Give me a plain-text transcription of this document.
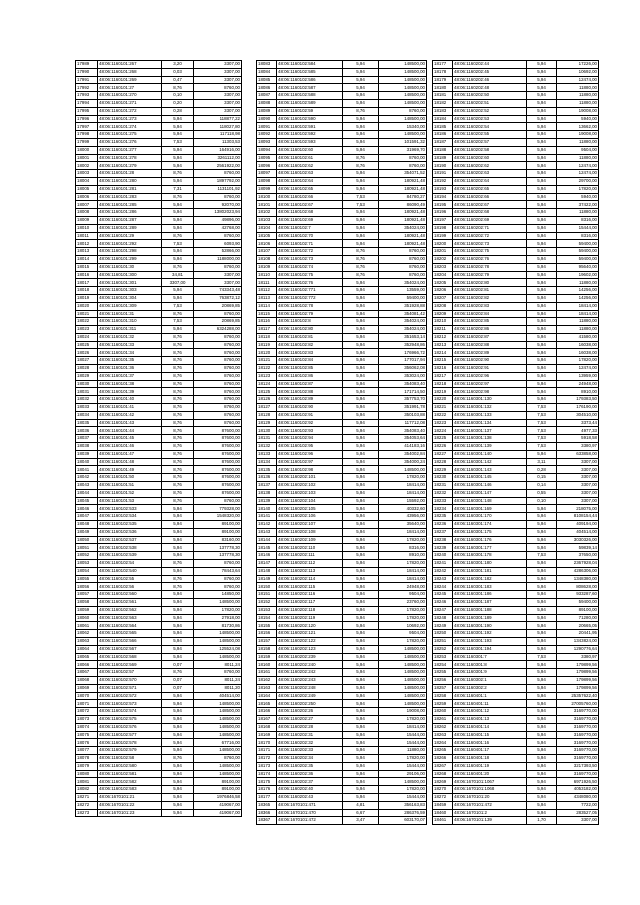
17989	48:06:1160101:267	3,20	3307,00
17990	48:06:1160101:268	0,03	3307,00
17991	48:06:1160101:269	0,47	3307,00
17992	48:06:1160101:27	8,76	8760,00
17993	48:06:1160101:270	0,10	3307,00
17994	48:06:1160101:271	0,20	3307,00
17995	48:06:1160101:272	0,28	3307,00
17996	48:06:1160101:273	5,94	118877,22
17997	48:06:1160101:274	5,94	118027,80
17998	48:06:1160101:275	5,94	117118,98
17999	48:06:1160101:276	7,53	11303,53
18000	48:06:1160101:277	5,94	164916,00
18001	48:06:1160101:278	5,94	3261112,00
18002	48:06:1160101:279	5,94	2561922,00
18003	48:06:1160101:28	8,76	8760,00
18004	48:06:1160101:280	5,94	1897792,00
18005	48:06:1160101:281	7,31	1131101,92
18006	48:06:1160101:283	8,76	8760,00
18007	48:06:1160101:285	5,94	92070,00
18008	48:06:1160101:286	5,94	13802023,94
18009	48:06:1160101:287	5,94	49896,00
18010	48:06:1160101:289	5,94	42768,00
18011	48:06:1160101:29	8,76	8760,00
18012	48:06:1160101:292	7,53	6093,90
18013	48:06:1160101:298	5,94	52866,00
18014	48:06:1160101:299	5,94	1188000,00
18015	48:06:1160101:30	8,76	8760,00
18016	48:06:1160101:300	34,81	3307,00
18017	48:06:1160101:301	3307,00	3307,00
18018	48:06:1160101:303	5,94	743343,48
18019	48:06:1160101:304	5,94	763872,12
18020	48:06:1160101:309	7,53	20869,85
18021	48:06:1160101:31	8,76	8760,00
18022	48:06:1160101:310	7,53	20869,85
18023	48:06:1160101:311	5,94	6324288,00
18024	48:06:1160101:32	8,76	8760,00
18025	48:06:1160101:33	8,76	8760,00
18026	48:06:1160101:34	8,76	8760,00
18027	48:06:1160101:35	8,76	8760,00
18028	48:06:1160101:36	8,76	8760,00
18029	48:06:1160101:37	8,76	8760,00
18030	48:06:1160101:38	8,76	8760,00
18031	48:06:1160101:39	8,76	8760,00
18032	48:06:1160101:40	8,76	8760,00
18033	48:06:1160101:41	8,76	8760,00
18034	48:06:1160101:42	8,76	8760,00
18035	48:06:1160101:43	8,76	8760,00
18036	48:06:1160101:44	8,76	87600,00
18037	48:06:1160101:45	8,76	87600,00
18038	48:06:1160101:46	8,76	87600,00
18039	48:06:1160101:47	8,76	87600,00
18040	48:06:1160101:48	8,76	87600,00
18041	48:06:1160101:49	8,76	87600,00
18042	48:06:1160101:50	8,76	87600,00
18043	48:06:1160101:51	8,76	87600,00
18044	48:06:1160101:52	8,76	87600,00
18045	48:06:1160101:53	8,76	8760,00
18046	48:06:1160102:533	5,94	779328,00
18047	48:06:1160102:534	5,94	1548320,00
18048	48:06:1160102:535	5,94	89100,00
18049	48:06:1160102:536	5,94	89100,00
18050	48:06:1160102:537	5,94	83160,00
18051	48:06:1160102:538	5,94	137778,30
18052	48:06:1160102:539	5,94	137778,30
18053	48:06:1160102:54	8,76	8760,00
18054	48:06:1160102:540	5,94	78443,64
18055	48:06:1160102:55	8,76	8760,00
18056	48:06:1160102:56	8,76	8760,00
18057	48:06:1160102:560	5,94	14850,00
18058	48:06:1160102:561	5,94	148500,00
18059	48:06:1160102:562	5,94	17820,00
18060	48:06:1160102:563	5,94	27918,00
18061	48:06:1160102:564	5,94	81730,86
18062	48:06:1160102:565	5,94	148500,00
18063	48:06:1160102:566	5,94	148500,00
18064	48:06:1160102:567	5,94	125524,08
18065	48:06:1160102:568	5,94	148500,00
18066	48:06:1160102:569	0,07	8011,24
18067	48:06:1160102:57	8,76	8760,00
18068	48:06:1160102:570	0,07	8011,24
18069	48:06:1160102:571	0,07	8011,20
18070	48:06:1160102:572	5,94	404514,00
18071	48:06:1160102:573	5,94	148500,00
18072	48:06:1160102:574	5,94	148500,00
18073	48:06:1160102:575	5,94	148500,00
18074	48:06:1160102:576	5,94	148500,00
18075	48:06:1160102:577	5,94	148500,00
18076	48:06:1160102:578	5,94	67716,00
18077	48:06:1160102:579	5,94	148500,00
18078	48:06:1160102:58	8,76	8760,00
18079	48:06:1160102:580	5,94	148500,00
18080	48:06:1160102:581	5,94	148500,00
18081	48:06:1160102:582	5,94	89100,00
18082	48:06:1160102:583	5,94	89100,00
18271	48:06:1670101:21	5,94	1976846,58
18272	48:06:1670101:22	5,94	419067,00
18273	48:06:1670101:23	5,94	419067,00
18083	48:06:1160102:584	5,94	148500,00
18084	48:06:1160102:585	5,94	148500,00
18085	48:06:1160102:586	5,94	148500,00
18086	48:06:1160102:587	5,94	148500,00
18087	48:06:1160102:588	5,94	148500,00
18088	48:06:1160102:589	5,94	148500,00
18089	48:06:1160102:59	8,76	8760,00
18090	48:06:1160102:590	5,94	148500,00
18091	48:06:1160102:591	5,94	15340,00
18092	48:06:1160102:592	5,94	148500,00
18093	48:06:1160102:593	5,94	101591,32
18094	48:06:1160102:60	5,94	31969,70
18095	48:06:1160102:61	8,76	8760,00
18096	48:06:1160102:62	8,76	8760,00
18097	48:06:1160102:63	5,94	354071,52
18098	48:06:1160102:64	5,94	180921,48
18099	48:06:1160102:65	5,94	180921,48
18100	48:06:1160102:66	7,53	84780,27
18101	48:06:1160102:67	7,53	86090,49
18102	48:06:1160102:68	5,94	180921,48
18103	48:06:1160102:69	5,94	180921,48
18104	48:06:1160102:7	5,94	354024,00
18105	48:06:1160102:70	5,94	180921,48
18106	48:06:1160102:71	5,94	180921,48
18107	48:06:1160102:72	8,76	8760,00
18108	48:06:1160102:73	8,76	8760,00
18109	48:06:1160102:74	8,76	8760,00
18110	48:06:1160102:75	8,76	8760,00
18111	48:06:1160102:76	5,94	354024,00
18112	48:06:1160102:771	5,94	13559,00
18113	48:06:1160102:772	5,94	59400,00
18114	48:06:1160102:78	5,94	351928,88
18115	48:06:1160102:79	5,94	354081,42
18116	48:06:1160102:8	5,94	354024,00
18117	48:06:1160102:80	5,94	354024,00
18118	48:06:1160102:81	5,94	351653,14
18119	48:06:1160102:82	5,94	352948,86
18120	48:06:1160102:83	5,94	176966,72
18121	48:06:1160102:84	5,94	177017,94
18122	48:06:1160102:85	5,94	356062,08
18123	48:06:1160102:86	5,94	353024,00
18124	48:06:1160102:87	5,94	354083,40
18125	48:06:1160102:88	5,94	171714,50
18126	48:06:1160102:89	5,94	357753,70
18127	48:06:1160102:90	5,94	351991,78
18128	48:06:1160102:91	5,94	350103,88
18129	48:06:1160102:92	5,94	117712,08
18130	48:06:1160102:93	5,94	354083,40
18131	48:06:1160102:94	5,94	354053,64
18132	48:06:1160102:95	5,94	414183,16
18133	48:06:1160102:96	5,94	354002,84
18134	48:06:1160102:97	5,94	354000,24
18135	48:06:1160102:98	5,94	148500,00
18136	48:06:1160202:101	5,94	17820,00
18137	48:06:1160202:102	5,94	18414,00
18138	48:06:1160202:103	5,94	18414,00
18139	48:06:1160202:104	5,94	15592,00
18140	48:06:1160202:105	5,94	40332,60
18141	48:06:1160202:106	5,94	43956,00
18142	48:06:1160202:107	5,94	35640,00
18143	48:06:1160202:108	5,94	18414,00
18144	48:06:1160202:109	5,94	17820,00
18145	48:06:1160202:110	5,94	8316,00
18146	48:06:1160202:111	5,94	8910,00
18147	48:06:1160202:112	5,94	17820,00
18148	48:06:1160202:113	5,94	18414,00
18149	48:06:1160202:114	5,94	18414,00
18150	48:06:1160202:115	5,94	24948,00
18151	48:06:1160202:116	5,94	9504,00
18152	48:06:1160202:117	5,94	23760,00
18153	48:06:1160202:118	5,94	17820,00
18154	48:06:1160202:119	5,94	17820,00
18155	48:06:1160202:120	5,94	10692,00
18156	48:06:1160202:121	5,94	9504,00
18157	48:06:1160202:122	5,94	17820,00
18158	48:06:1160202:123	5,94	148500,00
18159	48:06:1160202:239	5,94	148500,00
18160	48:06:1160202:240	5,94	148500,00
18161	48:06:1160202:242	5,94	148500,00
18162	48:06:1160202:243	5,94	148500,00
18163	48:06:1160202:248	5,94	148500,00
18164	48:06:1160202:249	5,94	148500,00
18165	48:06:1160202:250	5,94	148500,00
18166	48:06:1160202:26	5,94	19008,00
18167	48:06:1160202:27	5,94	17820,00
18168	48:06:1160202:28	5,94	18414,00
18169	48:06:1160202:31	5,94	15444,00
18170	48:06:1160202:32	5,94	15444,00
18171	48:06:1160202:33	5,94	11880,00
18172	48:06:1160202:34	5,94	17820,00
18173	48:06:1160202:35	5,94	15444,00
18174	48:06:1160202:36	5,94	29106,00
18175	48:06:1160202:37	5,94	148500,00
18176	48:06:1160202:40	5,94	17820,00
18177	48:06:1160202:43	5,94	15444,00
18365	48:06:1670101:471	4,81	356163,83
18366	48:06:1670101:470	6,67	286376,59
18367	48:06:1670101:472	3,47	603170,07
18177	48:06:1160202:44	5,94	17226,00
18178	48:06:1160202:45	5,94	10692,00
18179	48:06:1160202:46	5,94	12474,00
18180	48:06:1160202:48	5,94	11880,00
18181	48:06:1160202:50	5,94	11880,00
18182	48:06:1160202:51	5,94	11880,00
18183	48:06:1160202:52	5,94	19008,00
18184	48:06:1160202:53	5,94	5940,00
18185	48:06:1160202:54	5,94	13662,00
18186	48:06:1160202:55	5,94	19008,00
18187	48:06:1160202:57	5,94	11880,00
18188	48:06:1160202:58	5,94	9504,00
18189	48:06:1160202:60	5,94	11880,00
18190	48:06:1160202:62	5,94	12474,00
18191	48:06:1160202:63	5,94	12474,00
18192	48:06:1160202:64	5,94	29700,00
18193	48:06:1160202:65	5,94	17820,00
18194	48:06:1160202:66	5,94	5940,00
18195	48:06:1160202:67	5,94	37422,00
18196	48:06:1160202:68	5,94	11880,00
18197	48:06:1160202:69	5,94	8316,00
18198	48:06:1160202:71	5,94	15444,00
18199	48:06:1160202:72	5,94	8316,00
18200	48:06:1160202:73	5,94	59400,00
18201	48:06:1160202:75	5,94	59400,00
18202	48:06:1160202:76	5,94	59400,00
18203	48:06:1160202:78	5,94	95640,00
18204	48:06:1160202:79	5,94	19602,00
18205	48:06:1160202:80	5,94	11880,00
18206	48:06:1160202:81	5,94	14256,00
18207	48:06:1160202:82	5,94	14256,00
18208	48:06:1160202:83	5,94	18414,00
18209	48:06:1160202:84	5,94	18414,00
18210	48:06:1160202:85	5,94	11880,00
18211	48:06:1160202:86	5,94	11880,00
18212	48:06:1160202:87	5,94	41580,00
18213	48:06:1160202:88	5,94	16038,00
18214	48:06:1160202:89	5,94	16038,00
18215	48:06:1160202:90	5,94	17820,00
18216	48:06:1160202:91	5,94	12474,00
18217	48:06:1160202:96	5,94	13959,00
18218	48:06:1160202:97	5,94	24948,00
18219	48:06:1160202:98	5,94	8910,00
18220	48:06:1160301:130	5,94	179383,50
18221	48:06:1160301:132	7,53	176190,00
18222	48:06:1160301:133	7,53	304510,00
18223	48:06:1160301:134	7,53	3373,44
18224	48:06:1160301:137	7,53	4977,33
18225	48:06:1160301:138	7,53	5918,58
18226	48:06:1160301:139	7,53	3380,97
18227	48:06:1160301:140	5,94	633858,00
18228	48:06:1160301:142	3,11	3307,00
18229	48:06:1160301:143	0,28	3307,00
18230	48:06:1160301:145	0,15	3307,00
18231	48:06:1160301:146	0,14	3307,00
18232	48:06:1160301:147	0,55	3307,00
18233	48:06:1160301:148	0,10	3307,00
18234	48:06:1160301:169	5,94	218075,00
18235	48:06:1160301:170	5,94	8108154,44
18236	48:06:1160301:174	5,94	409194,00
18237	48:06:1160301:175	5,94	404514,00
18238	48:06:1160301:176	5,94	3030326,00
18239	48:06:1160301:177	5,94	59839,14
18240	48:06:1160301:178	7,53	37650,00
18241	48:06:1160301:180	5,94	2367928,04
18242	48:06:1160301:181	5,94	4286306,00
18243	48:06:1160301:182	5,94	1348380,00
18244	48:06:1160301:183	5,94	808628,00
18245	48:06:1160301:186	5,94	933287,60
18246	48:06:1160301:187	5,94	59400,00
18247	48:06:1160301:188	5,94	89100,00
18248	48:06:1160301:189	5,94	71280,00
18249	48:06:1160301:190	5,94	20665,05
18250	48:06:1160301:192	5,94	20441,95
18251	48:06:1160301:193	5,94	1343824,00
18252	48:06:1160301:194	5,94	1290776,64
18253	48:06:1160301:7	7,53	3380,97
18254	48:06:1160301:8	5,94	179899,56
18255	48:06:1160301:9	5,94	179899,56
18256	48:06:1160302:1	5,94	179899,56
18257	48:06:1160302:2	5,94	179899,56
18258	48:06:1160401:1	5,94	25357622,40
18259	48:06:1160401:11	5,94	27005760,00
18260	48:06:1160401:12	5,94	3169770,00
18261	48:06:1160401:13	5,94	3169770,00
18262	48:06:1160401:14	5,94	3169770,00
18263	48:06:1160401:15	5,94	3169770,00
18264	48:06:1160401:16	5,94	3169770,00
18265	48:06:1160401:17	5,94	3169770,00
18266	48:06:1160401:18	5,94	3169770,00
18267	48:06:1160401:19	5,94	3217393,50
18268	48:06:1160401:20	5,94	3169770,00
18269	48:06:1670101:1067	5,94	6971926,50
18270	48:06:1670101:1068	5,94	4053182,00
18272	48:06:1670101:20	5,94	4348080,00
18459	48:06:1670101:472	5,94	7722,00
18460	48:06:1670101:2	5,94	283527,05
18461	48:06:1670101:139	1,70	3307,00
